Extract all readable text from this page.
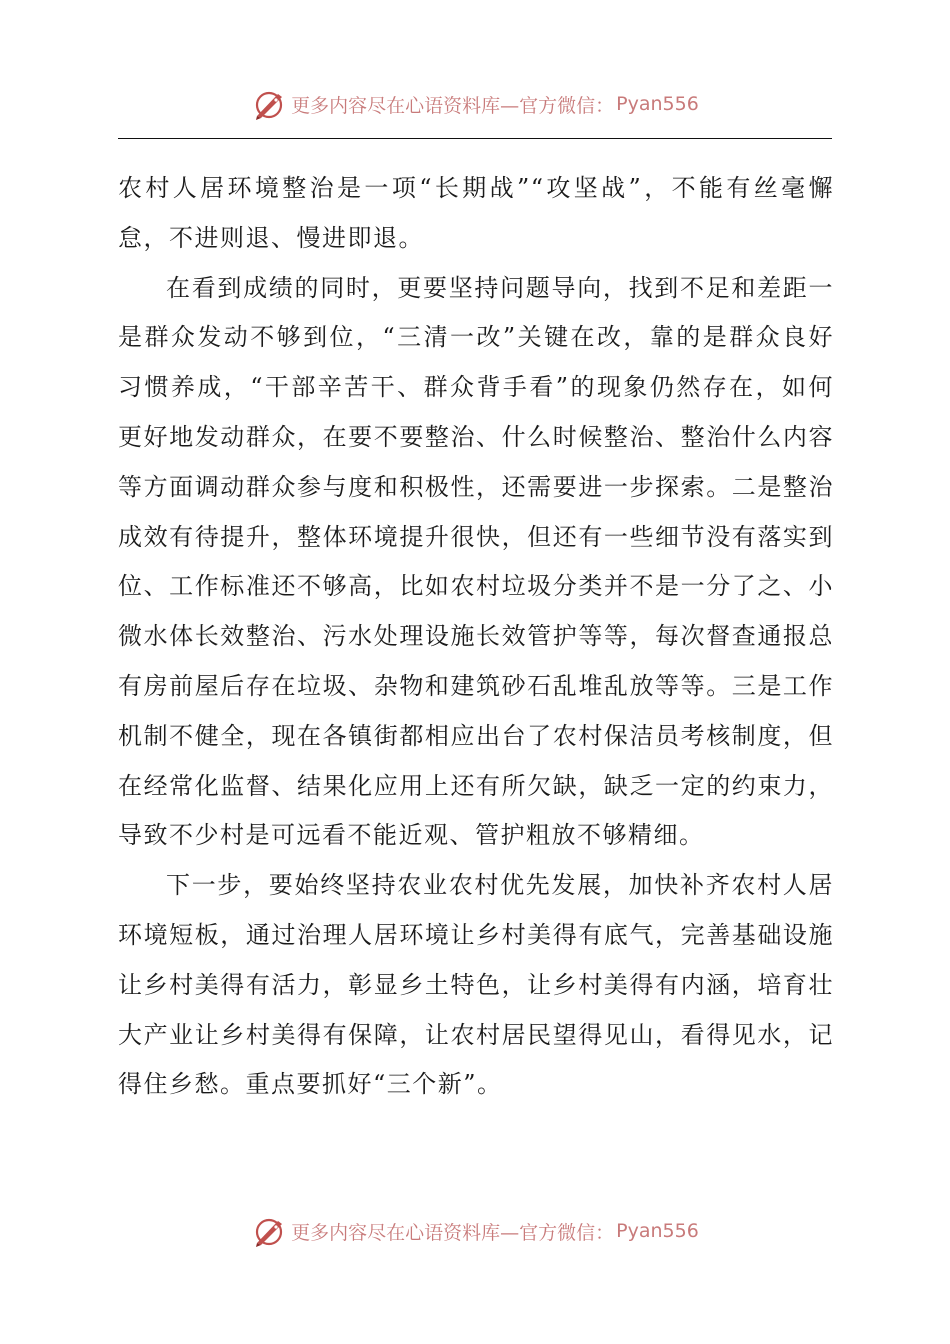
更多内容尽在心语资料库—官方微信： Pyan556

农村人居环境整治是一项“长期战”“攻坚战”，不能有丝毫懈怠，不进则退、慢进即退。

在看到成绩的同时，更要坚持问题导向，找到不足和差距一是群众发动不够到位，“三清一改”关键在改，靠的是群众良好习惯养成，“干部辛苦干、群众背手看”的现象仍然存在，如何更好地发动群众，在要不要整治、什么时候整治、整治什么内容等方面调动群众参与度和积极性，还需要进一步探索。二是整治成效有待提升，整体环境提升很快，但还有一些细节没有落实到位、工作标准还不够高，比如农村垃圾分类并不是一分了之、小微水体长效整治、污水处理设施长效管护等等，每次督查通报总有房前屋后存在垃圾、杂物和建筑砂石乱堆乱放等等。三是工作机制不健全，现在各镇街都相应出台了农村保洁员考核制度，但在经常化监督、结果化应用上还有所欠缺，缺乏一定的约束力，导致不少村是可远看不能近观、管护粗放不够精细。

下一步，要始终坚持农业农村优先发展，加快补齐农村人居环境短板，通过治理人居环境让乡村美得有底气，完善基础设施让乡村美得有活力，彰显乡土特色，让乡村美得有内涵，培育壮大产业让乡村美得有保障，让农村居民望得见山，看得见水，记得住乡愁。重点要抓好“三个新”。

更多内容尽在心语资料库—官方微信： Pyan556
